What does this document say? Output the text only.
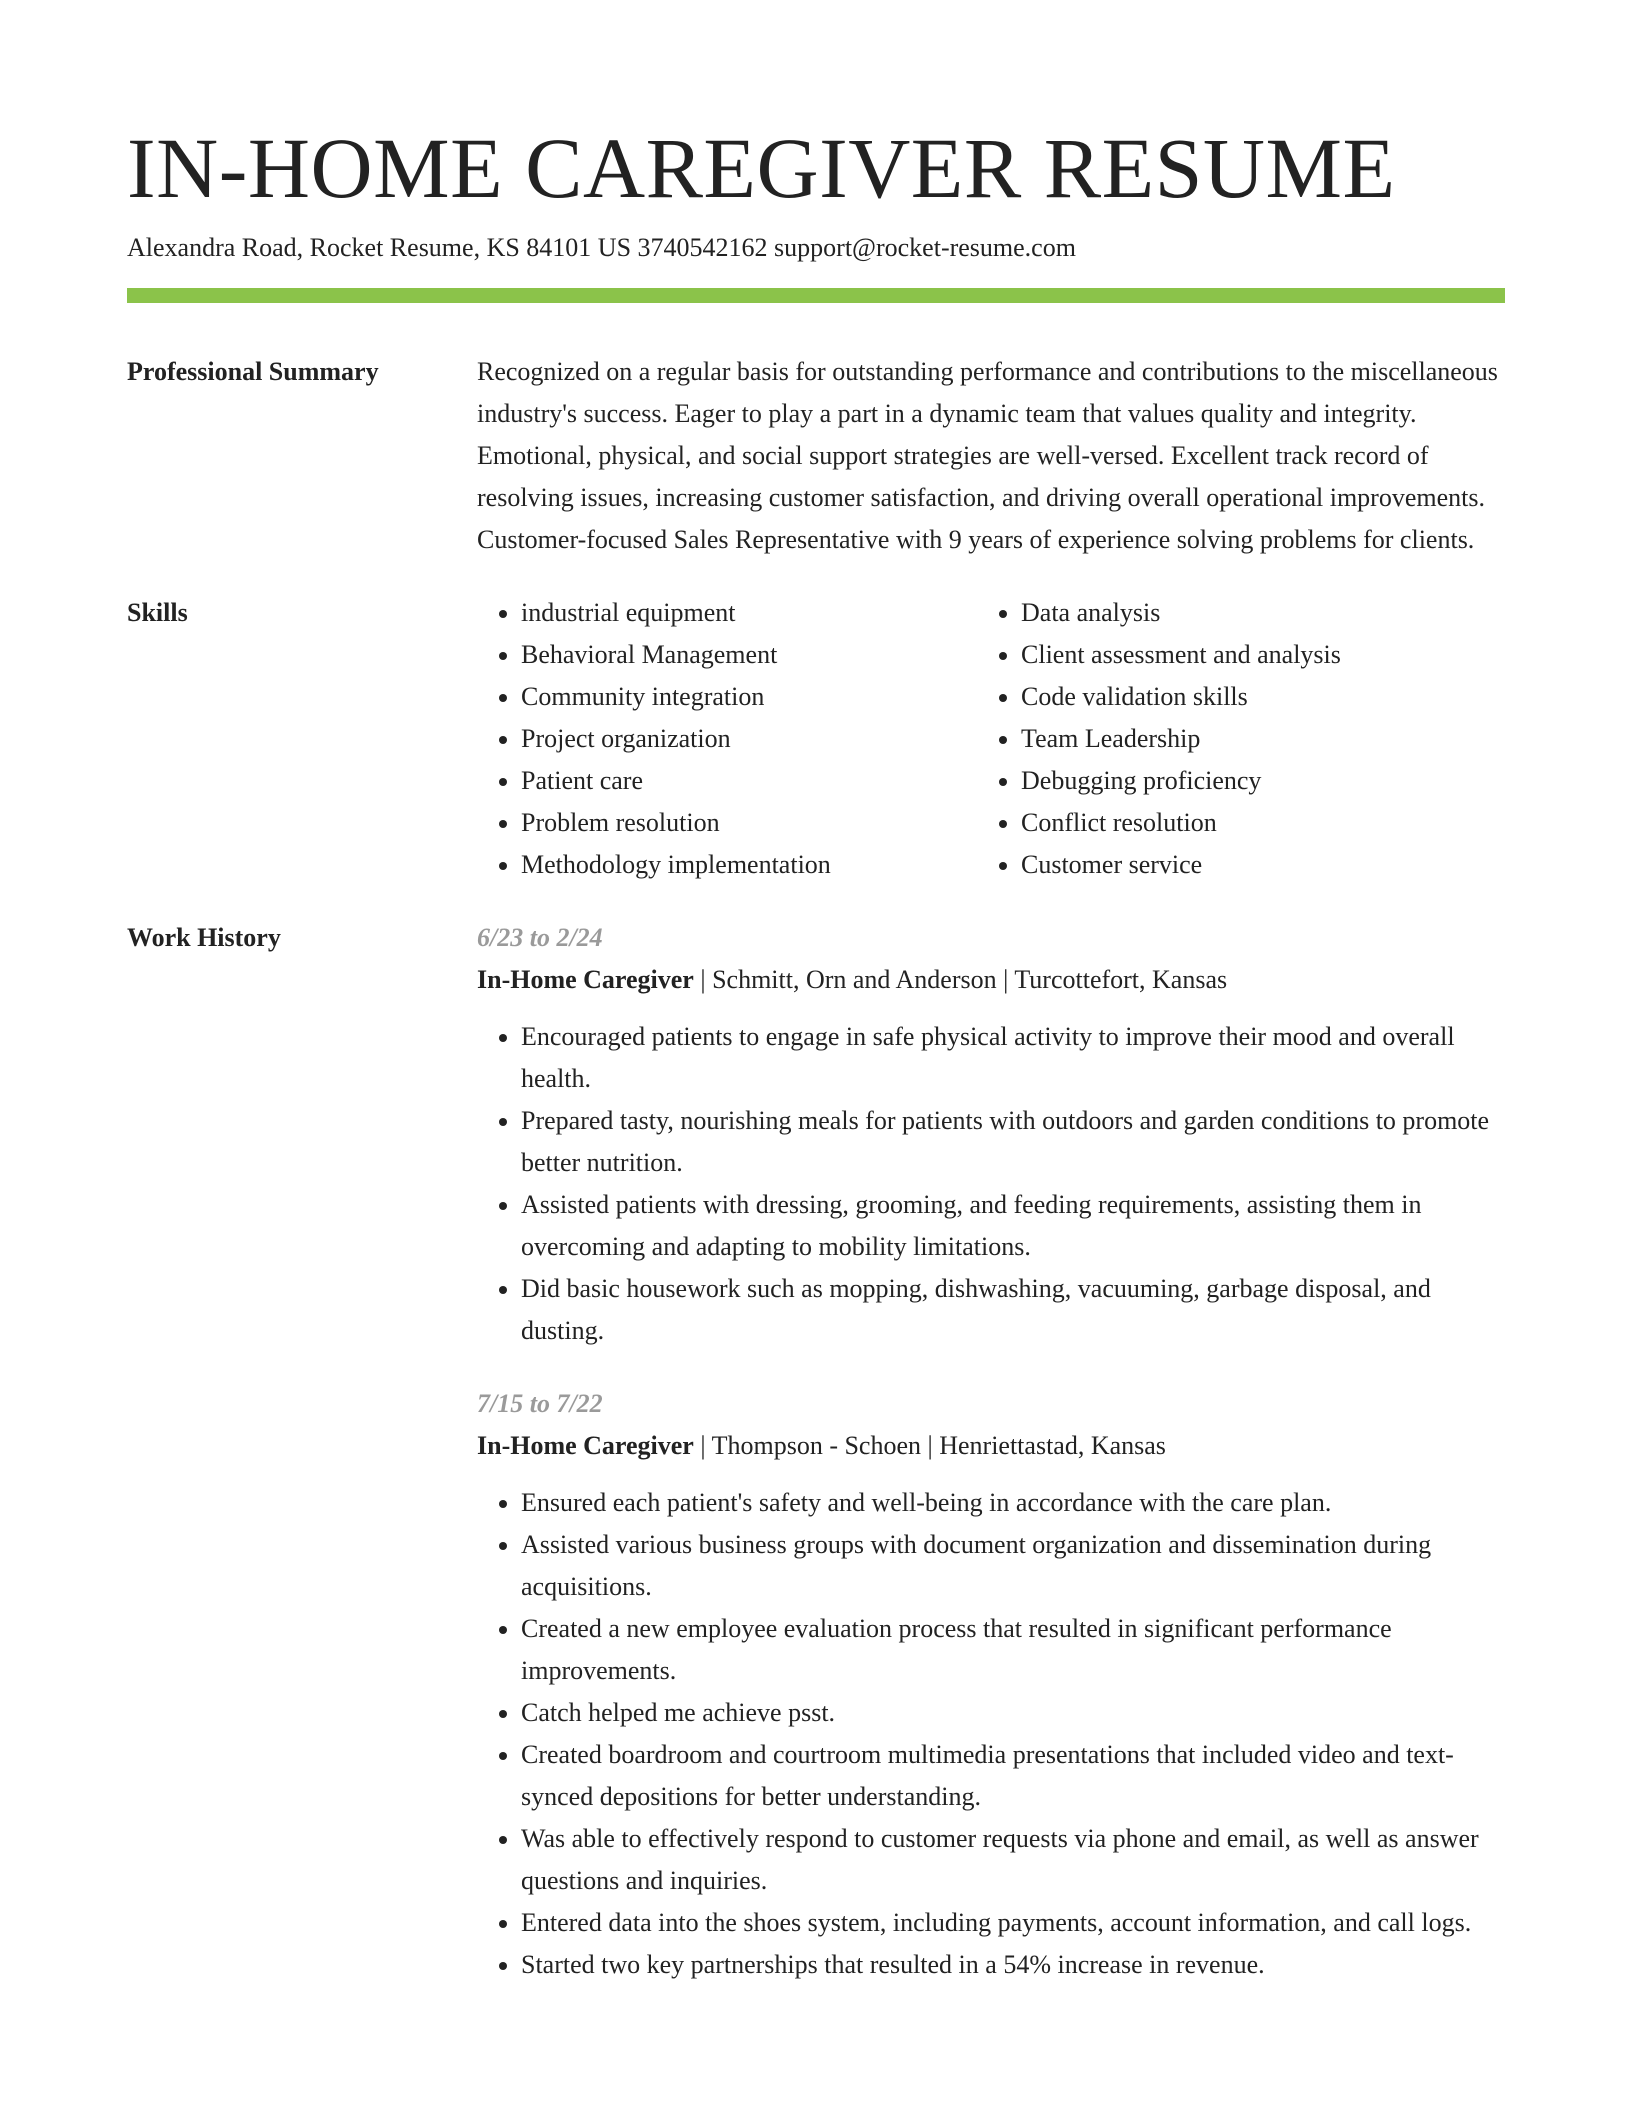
IN-HOME CAREGIVER RESUME
Alexandra Road, Rocket Resume, KS 84101 US 3740542162 support@rocket-resume.com
Professional Summary	Recognized on a regular basis for outstanding performance and contributions to the miscellaneous industry's success. Eager to play a part in a dynamic team that values quality and integrity. Emotional, physical, and social support strategies are well-versed. Excellent track record of resolving issues, increasing customer satisfaction, and driving overall operational improvements. Customer-focused Sales Representative with 9 years of experience solving problems for clients.
Skills
•	industrial equipment
• Behavioral Management
• Community integration
• Project organization
• Patient care
• Problem resolution
• Methodology implementation
• Data analysis
• Client assessment and analysis
• Code validation skills
• Team Leadership
• Debugging proficiency
• Conflict resolution
• Customer service
Work History	6/23 to 2/24
In-Home Caregiver | Schmitt, Orn and Anderson | Turcottefort, Kansas
• Encouraged patients to engage in safe physical activity to improve their mood and overall health.
• Prepared tasty, nourishing meals for patients with outdoors and garden conditions to promote better nutrition.
• Assisted patients with dressing, grooming, and feeding requirements, assisting them in overcoming and adapting to mobility limitations.
• Did basic housework such as mopping, dishwashing, vacuuming, garbage disposal, and dusting.
7/15 to 7/22
In-Home Caregiver | Thompson - Schoen | Henriettastad, Kansas
• Ensured each patient's safety and well-being in accordance with the care plan.
• Assisted various business groups with document organization and dissemination during acquisitions.
• Created a new employee evaluation process that resulted in significant performance improvements.
• Catch helped me achieve psst.
• Created boardroom and courtroom multimedia presentations that included video and text-synced depositions for better understanding.
• Was able to effectively respond to customer requests via phone and email, as well as answer questions and inquiries.
• Entered data into the shoes system, including payments, account information, and call logs.
• Started two key partnerships that resulted in a 54% increase in revenue.
